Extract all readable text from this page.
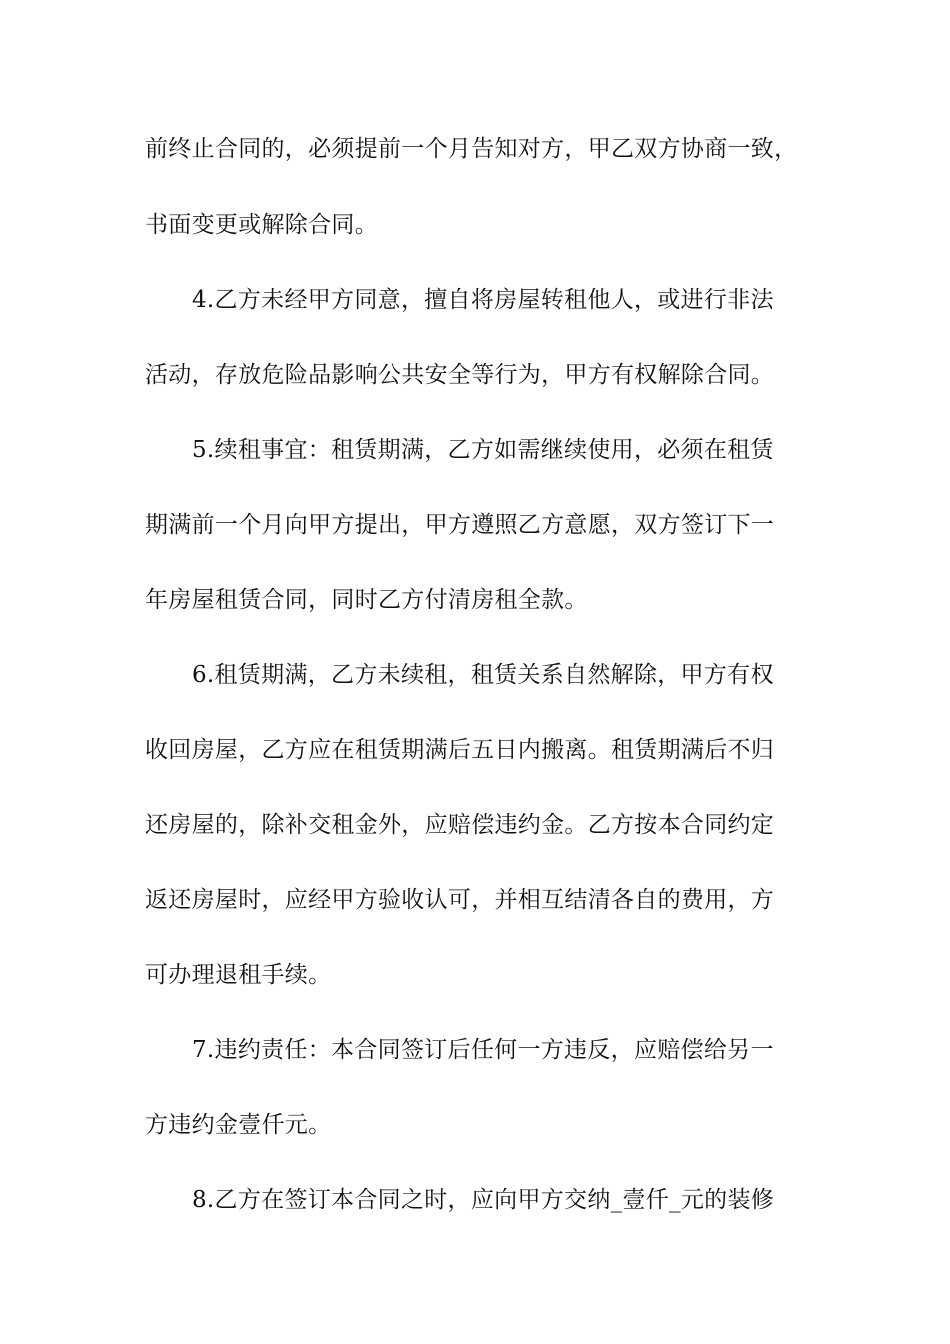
前终止合同的，必须提前一个月告知对方，甲乙双方协商一致，
书面变更或解除合同。
4.乙方未经甲方同意，擅自将房屋转租他人，或进行非法
活动，存放危险品影响公共安全等行为，甲方有权解除合同。
5.续租事宜：租赁期满，乙方如需继续使用，必须在租赁
期满前一个月向甲方提出，甲方遵照乙方意愿，双方签订下一
年房屋租赁合同，同时乙方付清房租全款。
6.租赁期满，乙方未续租，租赁关系自然解除，甲方有权
收回房屋，乙方应在租赁期满后五日内搬离。租赁期满后不归
还房屋的，除补交租金外，应赔偿违约金。乙方按本合同约定
返还房屋时，应经甲方验收认可，并相互结清各自的费用，方
可办理退租手续。
7.违约责任：本合同签订后任何一方违反，应赔偿给另一
方违约金壹仟元。
8.乙方在签订本合同之时，应向甲方交纳_壹仟_元的装修
